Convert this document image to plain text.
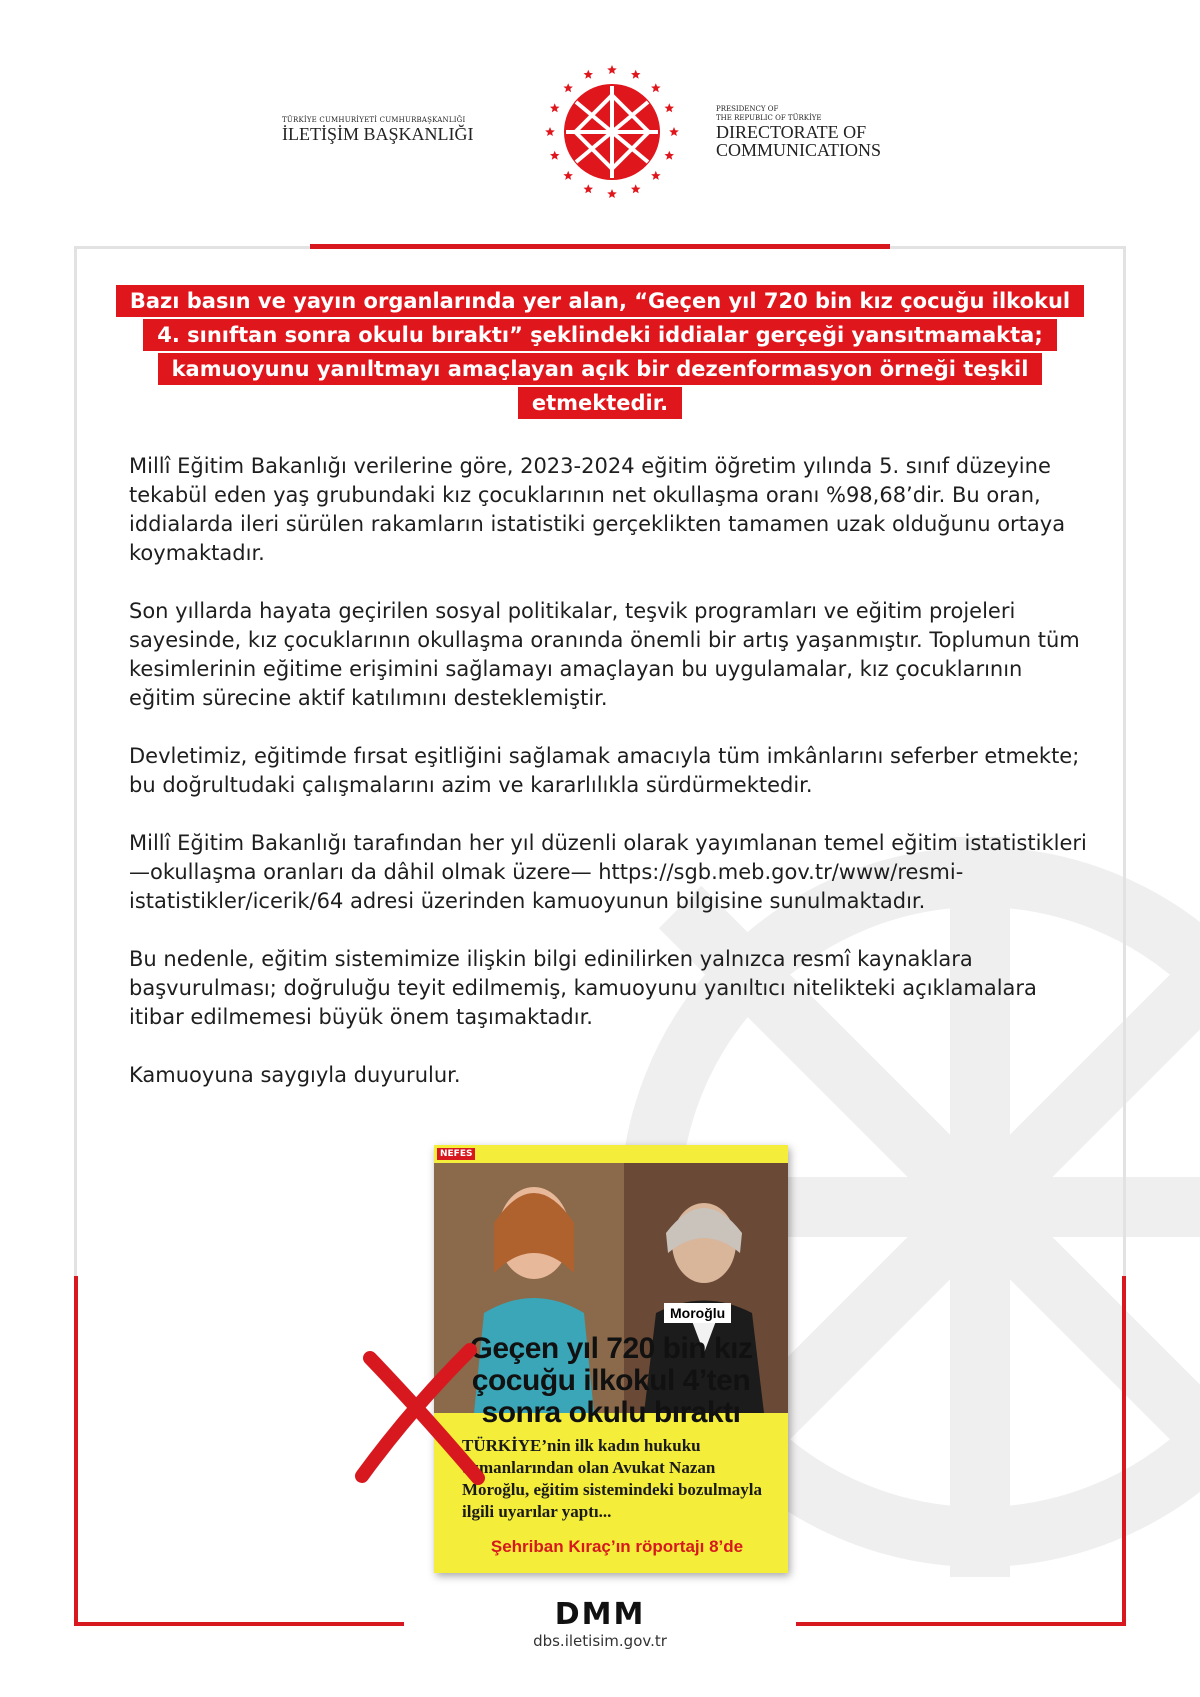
TÜRKİYE CUMHURİYETİ CUMHURBAŞKANLIĞI
İLETİŞİM BAŞKANLIĞI
PRESIDENCY OF
THE REPUBLIC OF TÜRKİYE
DIRECTORATE OF
COMMUNICATIONS
Bazı basın ve yayın organlarında yer alan, “Geçen yıl 720 bin kız çocuğu ilkokul
4. sınıftan sonra okulu bıraktı” şeklindeki iddialar gerçeği yansıtmamakta;
kamuoyunu yanıltmayı amaçlayan açık bir dezenformasyon örneği teşkil
etmektedir.

Millî Eğitim Bakanlığı verilerine göre, 2023-2024 eğitim öğretim yılında 5. sınıf düzeyine tekabül eden yaş grubundaki kız çocuklarının net okullaşma oranı %98,68’dir. Bu oran, iddialarda ileri sürülen rakamların istatistiki gerçeklikten tamamen uzak olduğunu ortaya koymaktadır.

Son yıllarda hayata geçirilen sosyal politikalar, teşvik programları ve eğitim projeleri sayesinde, kız çocuklarının okullaşma oranında önemli bir artış yaşanmıştır. Toplumun tüm kesimlerinin eğitime erişimini sağlamayı amaçlayan bu uygulamalar, kız çocuklarının eğitim sürecine aktif katılımını desteklemiştir.

Devletimiz, eğitimde fırsat eşitliğini sağlamak amacıyla tüm imkânlarını seferber etmekte; bu doğrultudaki çalışmalarını azim ve kararlılıkla sürdürmektedir.

Millî Eğitim Bakanlığı tarafından her yıl düzenli olarak yayımlanan temel eğitim istatistikleri —okullaşma oranları da dâhil olmak üzere— https://sgb.meb.gov.tr/www/resmi-istatistikler/icerik/64 adresi üzerinden kamuoyunun bilgisine sunulmaktadır.

Bu nedenle, eğitim sistemimize ilişkin bilgi edinilirken yalnızca resmî kaynaklara başvurulması; doğruluğu teyit edilmemiş, kamuoyunu yanıltıcı nitelikteki açıklamalara itibar edilmemesi büyük önem taşımaktadır.

Kamuoyuna saygıyla duyurulur.

NEFES
Moroğlu
Geçen yıl 720 bin kız
çocuğu ilkokul 4’ten
sonra okulu bıraktı
TÜRKİYE’nin ilk kadın hukuku uzmanlarından olan Avukat Nazan Moroğlu, eğitim sistemindeki bozulmayla ilgili uyarılar yaptı...
Şehriban Kıraç’ın röportajı 8’de
DMM
dbs.iletisim.gov.tr
